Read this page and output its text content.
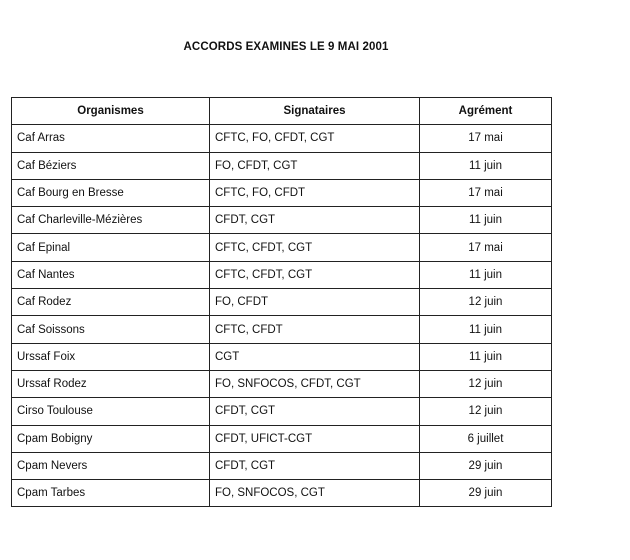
ACCORDS EXAMINES LE 9 MAI 2001
Organismes	Signataires	Agrément
Caf Arras	CFTC, FO, CFDT, CGT	17 mai
Caf Béziers	FO, CFDT, CGT	11 juin
Caf Bourg en Bresse	CFTC, FO, CFDT	17 mai
Caf Charleville-Mézières	CFDT, CGT	11 juin
Caf Epinal	CFTC, CFDT, CGT	17 mai
Caf Nantes	CFTC, CFDT, CGT	11 juin
Caf Rodez	FO, CFDT	12 juin
Caf Soissons	CFTC, CFDT	11 juin
Urssaf Foix	CGT	11 juin
Urssaf Rodez	FO, SNFOCOS, CFDT, CGT	12 juin
Cirso Toulouse	CFDT, CGT	12 juin
Cpam Bobigny	CFDT, UFICT-CGT	6 juillet
Cpam Nevers	CFDT, CGT	29 juin
Cpam Tarbes	FO, SNFOCOS, CGT	29 juin
